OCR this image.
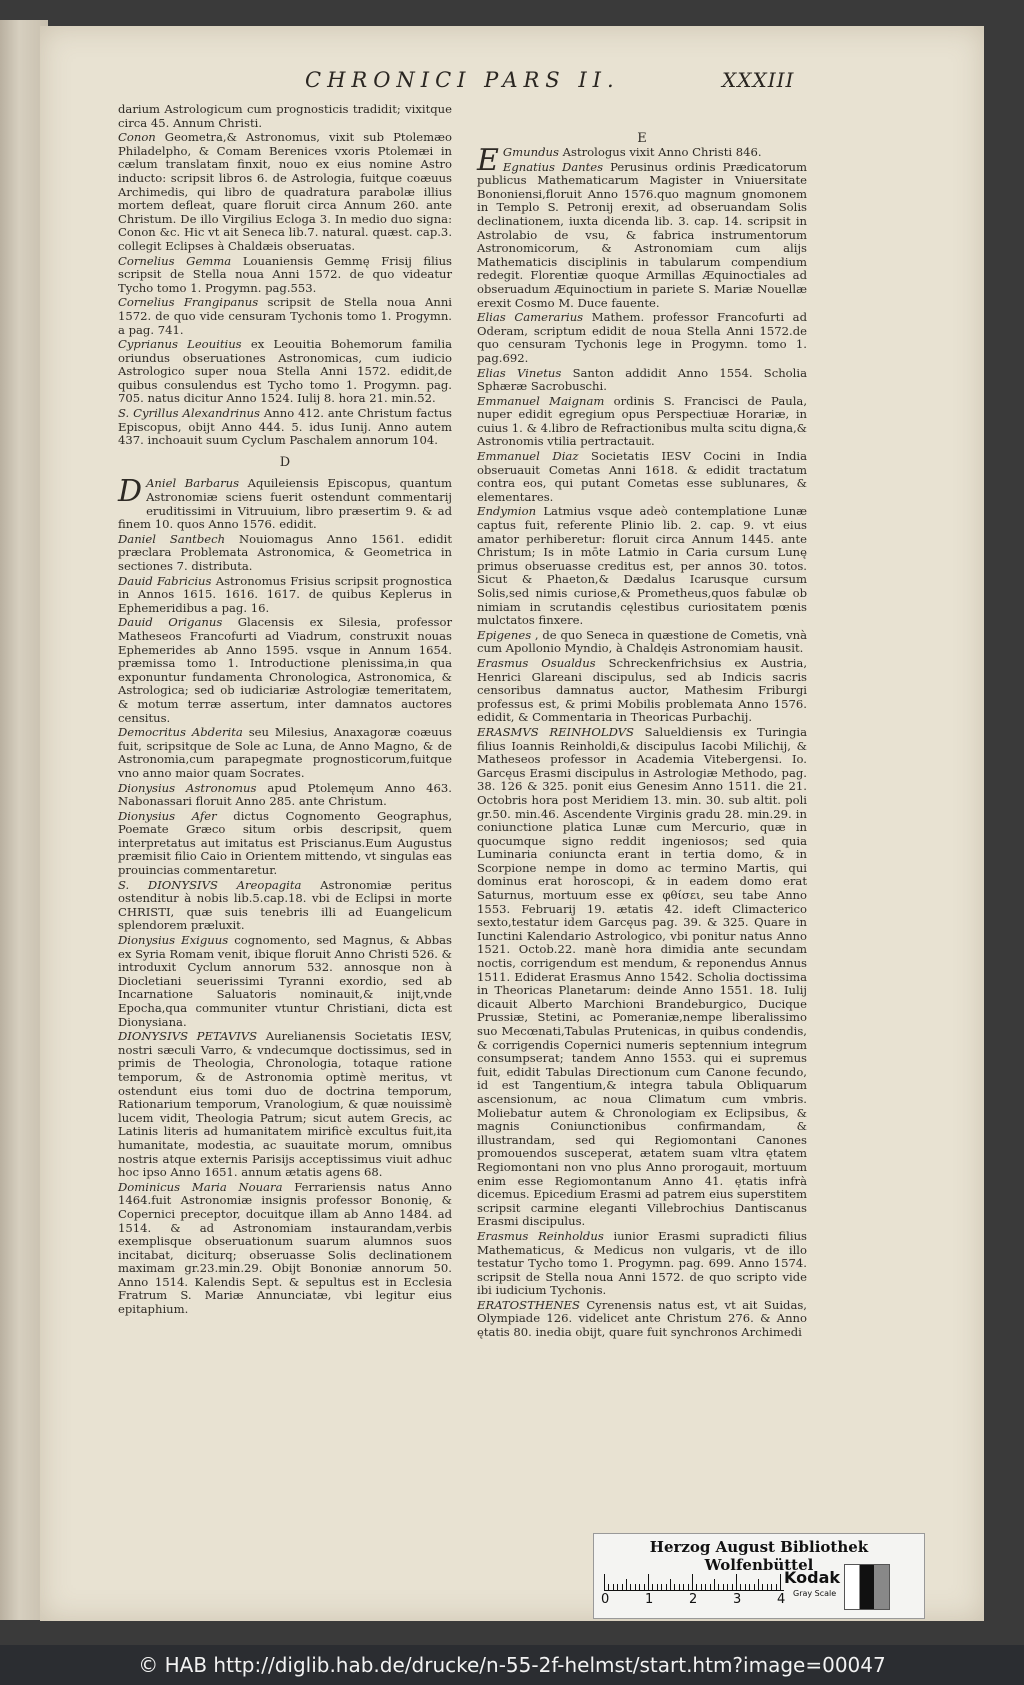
CHRONICI PARS II.	XXXIII

darium Astrologicum cum prognosticis tradidit; vixitque circa 45. Annum Christi.

Conon Geometra,& Astronomus, vixit sub Ptolemæo Philadelpho, & Comam Berenices vxoris Ptolemæi in cælum translatam finxit, nouo ex eius nomine Astro inducto: scripsit libros 6. de Astrologia, fuitque coæuus Archimedis, qui libro de quadratura parabolæ illius mortem defleat, quare floruit circa Annum 260. ante Christum. De illo Virgilius Ecloga 3. In medio duo signa: Conon &c. Hic vt ait Seneca lib.7. natural. quæst. cap.3. collegit Eclipses à Chaldæis obseruatas.

Cornelius Gemma Louaniensis Gemmę Frisij filius scripsit de Stella noua Anni 1572. de quo videatur Tycho tomo 1. Progymn. pag.553.

Cornelius Frangipanus scripsit de Stella noua Anni 1572. de quo vide censuram Tychonis tomo 1. Progymn. a pag. 741.

Cyprianus Leouitius ex Leouitia Bohemorum familia oriundus obseruationes Astronomicas, cum iudicio Astrologico super noua Stella Anni 1572. edidit,de quibus consulendus est Tycho tomo 1. Progymn. pag. 705. natus dicitur Anno 1524. Iulij 8. hora 21. min.52.

S. Cyrillus Alexandrinus Anno 412. ante Christum factus Episcopus, obijt Anno 444. 5. idus Iunij. Anno autem 437. inchoauit suum Cyclum Paschalem annorum 104.

D

DAniel Barbarus Aquileiensis Episcopus, quantum Astronomiæ sciens fuerit ostendunt commentarij eruditissimi in Vitruuium, libro præsertim 9. & ad finem 10. quos Anno 1576. edidit.

Daniel Santbech Nouiomagus Anno 1561. edidit præclara Problemata Astronomica, & Geometrica in sectiones 7. distributa.

Dauid Fabricius Astronomus Frisius scripsit prognostica in Annos 1615. 1616. 1617. de quibus Keplerus in Ephemeridibus a pag. 16.

Dauid Origanus Glacensis ex Silesia, professor Matheseos Francofurti ad Viadrum, construxit nouas Ephemerides ab Anno 1595. vsque in Annum 1654. præmissa tomo 1. Introductione plenissima,in qua exponuntur fundamenta Chronologica, Astronomica, & Astrologica; sed ob iudiciariæ Astrologiæ temeritatem, & motum terræ assertum, inter damnatos auctores censitus.

Democritus Abderita seu Milesius, Anaxagoræ coæuus fuit, scripsitque de Sole ac Luna, de Anno Magno, & de Astronomia,cum parapegmate prognosticorum,fuitque vno anno maior quam Socrates.

Dionysius Astronomus apud Ptolemęum Anno 463. Nabonassari floruit Anno 285. ante Christum.

Dionysius Afer dictus Cognomento Geographus, Poemate Græco situm orbis descripsit, quem interpretatus aut imitatus est Priscianus.Eum Augustus præmisit filio Caio in Orientem mittendo, vt singulas eas prouincias commentaretur.

S. DIONYSIVS Areopagita Astronomiæ peritus ostenditur à nobis lib.5.cap.18. vbi de Eclipsi in morte CHRISTI, quæ suis tenebris illi ad Euangelicum splendorem præluxit.

Dionysius Exiguus cognomento, sed Magnus, & Abbas ex Syria Romam venit, ibique floruit Anno Christi 526. & introduxit Cyclum annorum 532. annosque non à Diocletiani seuerissimi Tyranni exordio, sed ab Incarnatione Saluatoris nominauit,& inijt,vnde Epocha,qua communiter vtuntur Christiani, dicta est Dionysiana.

DIONYSIVS PETAVIVS Aurelianensis Societatis IESV, nostri sæculi Varro, & vndecumque doctissimus, sed in primis de Theologia, Chronologia, totaque ratione temporum, & de Astronomia optimè meritus, vt ostendunt eius tomi duo de doctrina temporum, Rationarium temporum, Vranologium, & quæ nouissimè lucem vidit, Theologia Patrum; sicut autem Grecis, ac Latinis literis ad humanitatem mirificè excultus fuit,ita humanitate, modestia, ac suauitate morum, omnibus nostris atque externis Parisijs acceptissimus viuit adhuc hoc ipso Anno 1651. annum ætatis agens 68.

Dominicus Maria Nouara Ferrariensis natus Anno 1464.fuit Astronomiæ insignis professor Bononię, & Copernici preceptor, docuitque illam ab Anno 1484. ad 1514. & ad Astronomiam instaurandam,verbis exemplisque obseruationum suarum alumnos suos incitabat, diciturq; obseruasse Solis declinationem maximam gr.23.min.29. Obijt Bononiæ annorum 50. Anno 1514. Kalendis Sept. & sepultus est in Ecclesia Fratrum S. Mariæ Annunciatæ, vbi legitur eius epitaphium.

E

EGmundus Astrologus vixit Anno Christi 846.

Egnatius Dantes Perusinus ordinis Prædicatorum publicus Mathematicarum Magister in Vniuersitate Bononiensi,floruit Anno 1576.quo magnum gnomonem in Templo S. Petronij erexit, ad obseruandam Solis declinationem, iuxta dicenda lib. 3. cap. 14. scripsit in Astrolabio de vsu, & fabrica instrumentorum Astronomicorum, & Astronomiam cum alijs Mathematicis disciplinis in tabularum compendium redegit. Florentiæ quoque Armillas Æquinoctiales ad obseruadum Æquinoctium in pariete S. Mariæ Nouellæ erexit Cosmo M. Duce fauente.

Elias Camerarius Mathem. professor Francofurti ad Oderam, scriptum edidit de noua Stella Anni 1572.de quo censuram Tychonis lege in Progymn. tomo 1. pag.692.

Elias Vinetus Santon addidit Anno 1554. Scholia Sphæræ Sacrobuschi.

Emmanuel Maignam ordinis S. Francisci de Paula, nuper edidit egregium opus Perspectiuæ Horariæ, in cuius 1. & 4.libro de Refractionibus multa scitu digna,& Astronomis vtilia pertractauit.

Emmanuel Diaz Societatis IESV Cocini in India obseruauit Cometas Anni 1618. & edidit tractatum contra eos, qui putant Cometas esse sublunares, & elementares.

Endymion Latmius vsque adeò contemplatione Lunæ captus fuit, referente Plinio lib. 2. cap. 9. vt eius amator perhiberetur: floruit circa Annum 1445. ante Christum; Is in mōte Latmio in Caria cursum Lunę primus obseruasse creditus est, per annos 30. totos. Sicut & Phaeton,& Dædalus Icarusque cursum Solis,sed nimis curiose,& Prometheus,quos fabulæ ob nimiam in scrutandis cęlestibus curiositatem pœnis mulctatos finxere.

Epigenes , de quo Seneca in quæstione de Cometis, vnà cum Apollonio Myndio, à Chaldęis Astronomiam hausit.

Erasmus Osualdus Schreckenfrichsius ex Austria, Henrici Glareani discipulus, sed ab Indicis sacris censoribus damnatus auctor, Mathesim Friburgi professus est, & primi Mobilis problemata Anno 1576. edidit, & Commentaria in Theoricas Purbachij.

ERASMVS REINHOLDVS Salueldiensis ex Turingia filius Ioannis Reinholdi,& discipulus Iacobi Milichij, & Matheseos professor in Academia Vitebergensi. Io. Garcęus Erasmi discipulus in Astrologiæ Methodo, pag. 38. 126 & 325. ponit eius Genesim Anno 1511. die 21. Octobris hora post Meridiem 13. min. 30. sub altit. poli gr.50. min.46. Ascendente Virginis gradu 28. min.29. in coniunctione platica Lunæ cum Mercurio, quæ in quocumque signo reddit ingeniosos; sed quia Luminaria coniuncta erant in tertia domo, & in Scorpione nempe in domo ac termino Martis, qui dominus erat horoscopi, & in eadem domo erat Saturnus, mortuum esse ex φθίσει, seu tabe Anno 1553. Februarij 19. ætatis 42. ideft Climacterico sexto,testatur idem Garcęus pag. 39. & 325. Quare in Iunctini Kalendario Astrologico, vbi ponitur natus Anno 1521. Octob.22. manè hora dimidia ante secundam noctis, corrigendum est mendum, & reponendus Annus 1511. Ediderat Erasmus Anno 1542. Scholia doctissima in Theoricas Planetarum: deinde Anno 1551. 18. Iulij dicauit Alberto Marchioni Brandeburgico, Ducique Prussiæ, Stetini, ac Pomeraniæ,nempe liberalissimo suo Mecœnati,Tabulas Prutenicas, in quibus condendis, & corrigendis Copernici numeris septennium integrum consumpserat; tandem Anno 1553. qui ei supremus fuit, edidit Tabulas Directionum cum Canone fecundo, id est Tangentium,& integra tabula Obliquarum ascensionum, ac noua Climatum cum vmbris. Moliebatur autem & Chronologiam ex Eclipsibus, & magnis Coniunctionibus confirmandam, & illustrandam, sed qui Regiomontani Canones promouendos susceperat, ætatem suam vltra ętatem Regiomontani non vno plus Anno prorogauit, mortuum enim esse Regiomontanum Anno 41. ętatis infrà dicemus. Epicedium Erasmi ad patrem eius superstitem scripsit carmine eleganti Villebrochius Dantiscanus Erasmi discipulus.

Erasmus Reinholdus iunior Erasmi supradicti filius Mathematicus, & Medicus non vulgaris, vt de illo testatur Tycho tomo 1. Progymn. pag. 699. Anno 1574. scripsit de Stella noua Anni 1572. de quo scripto vide ibi iudicium Tychonis.

ERATOSTHENES Cyrenensis natus est, vt ait Suidas, Olympiade 126. videlicet ante Christum 276. & Anno ętatis 80. inedia obijt, quare fuit synchronos Archimedi

Herzog August Bibliothek Wolfenbüttel
0	1	2	3	4
Kodak
Gray Scale
© HAB http://diglib.hab.de/drucke/n-55-2f-helmst/start.htm?image=00047
